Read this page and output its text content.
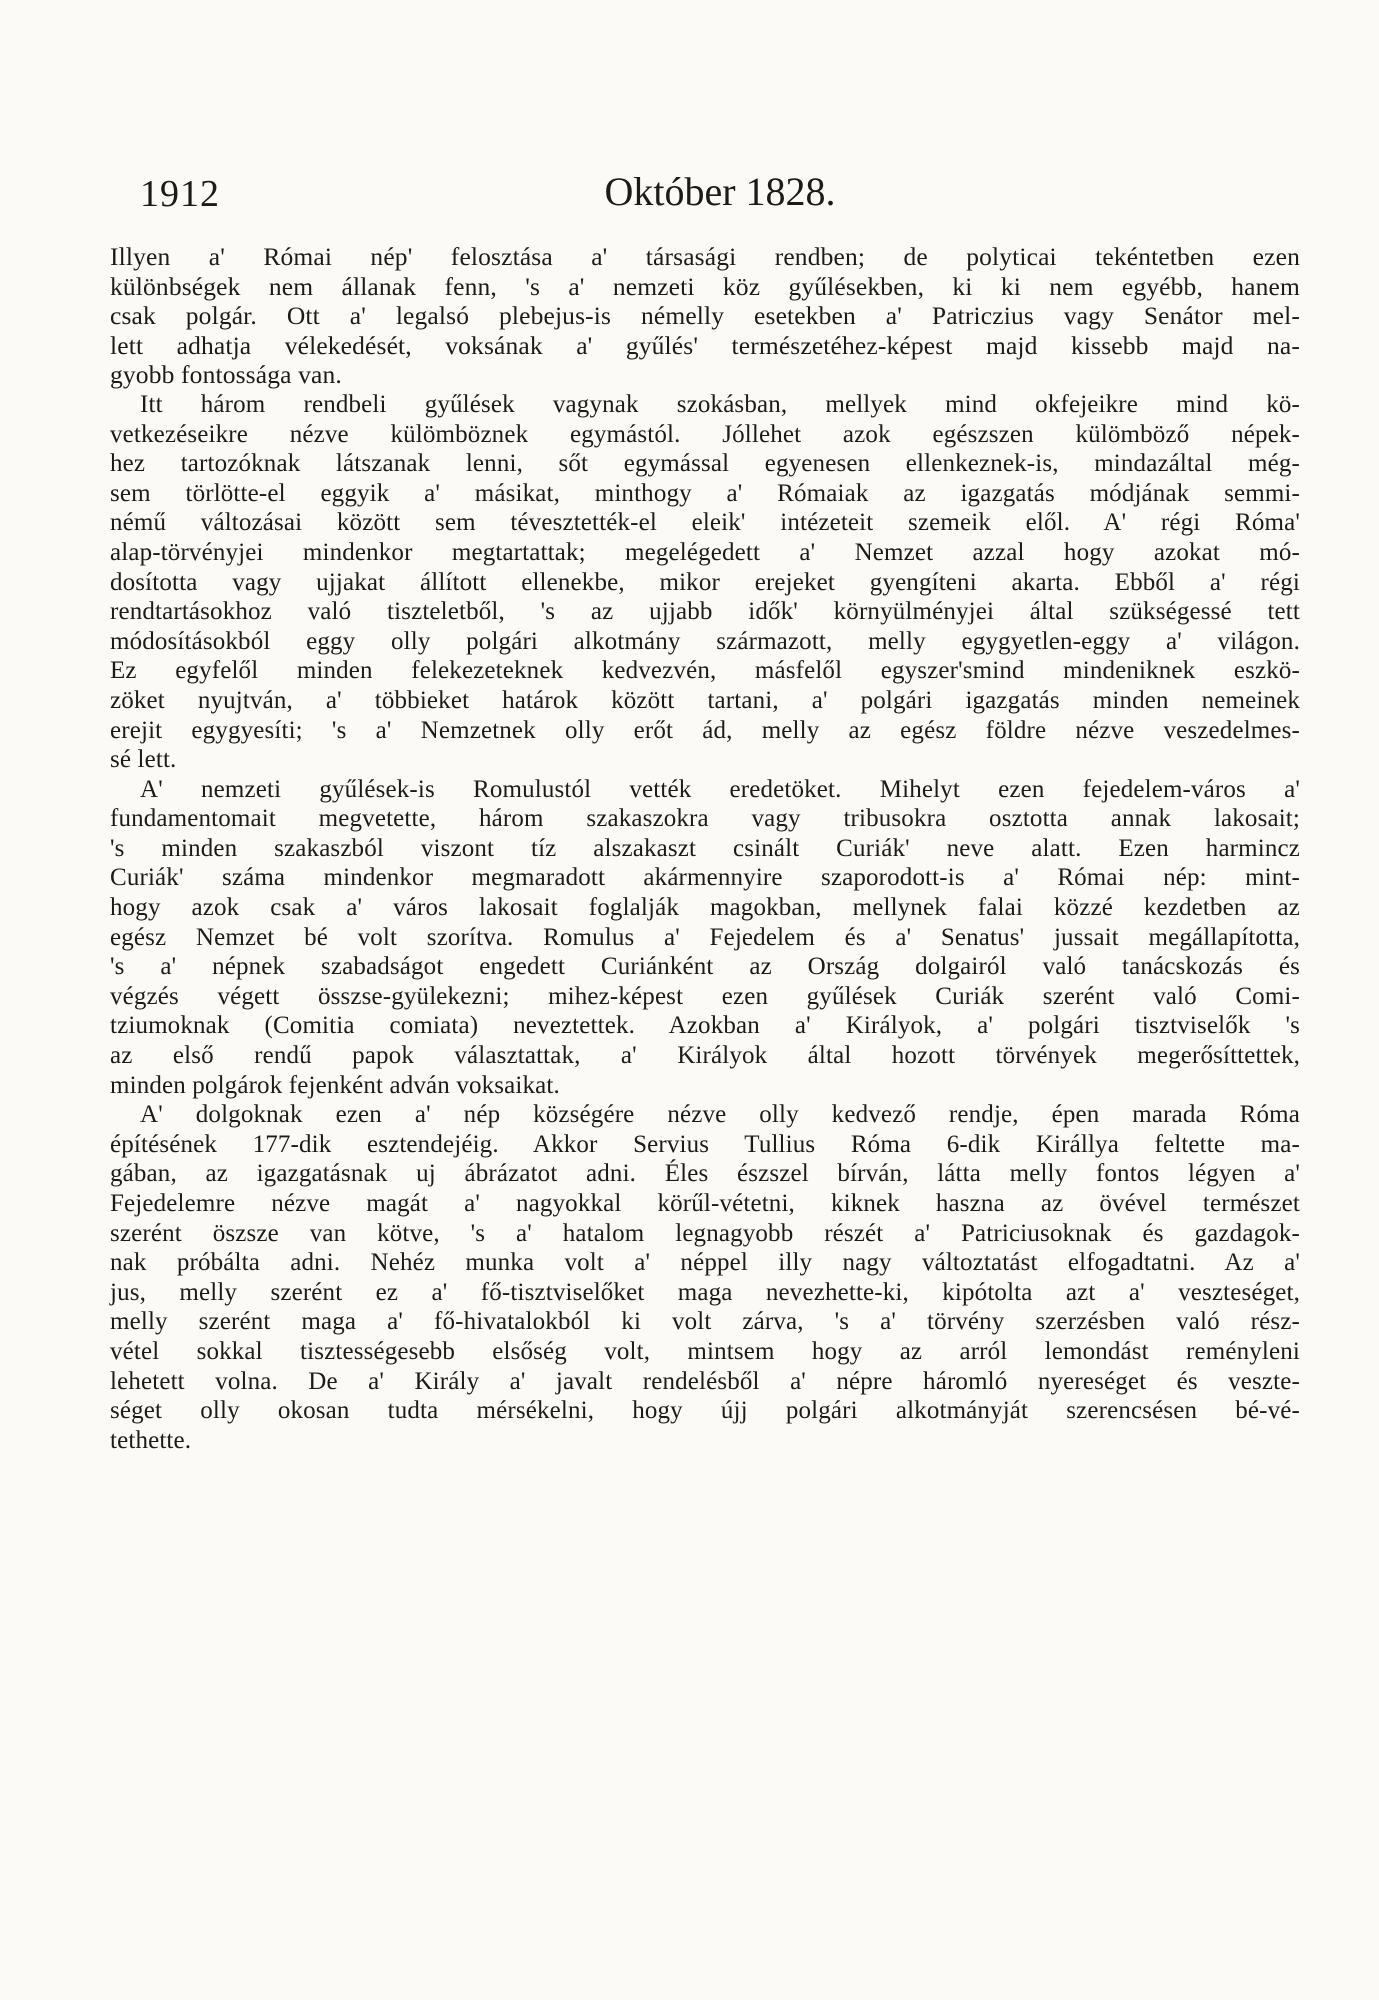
1912	Október 1828.
Illyen a' Római nép' felosztása a' társasági rendben; de polyticai tekéntetben ezen
különbségek nem állanak fenn, 's a' nemzeti köz gyűlésekben, ki ki nem egyébb, hanem
csak polgár. Ott a' legalsó plebejus-is némelly esetekben a' Patriczius vagy Senátor mel-
lett adhatja vélekedését, voksának a' gyűlés' természetéhez-képest majd kissebb majd na-
gyobb fontossága van.
Itt három rendbeli gyűlések vagynak szokásban, mellyek mind okfejeikre mind kö-
vetkezéseikre nézve külömböznek egymástól. Jóllehet azok egészszen külömböző népek-
hez tartozóknak látszanak lenni, sőt egymással egyenesen ellenkeznek-is, mindazáltal még-
sem törlötte-el eggyik a' másikat, minthogy a' Rómaiak az igazgatás módjának semmi-
némű változásai között sem tévesztették-el eleik' intézeteit szemeik elől. A' régi Róma'
alap-törvényjei mindenkor megtartattak; megelégedett a' Nemzet azzal hogy azokat mó-
dosította vagy ujjakat állított ellenekbe, mikor erejeket gyengíteni akarta. Ebből a' régi
rendtartásokhoz való tiszteletből, 's az ujjabb idők' környülményjei által szükségessé tett
módosításokból eggy olly polgári alkotmány származott, melly egygyetlen-eggy a' világon.
Ez egyfelől minden felekezeteknek kedvezvén, másfelől egyszer'smind mindeniknek eszkö-
zöket nyujtván, a' többieket határok között tartani, a' polgári igazgatás minden nemeinek
erejit egygyesíti; 's a' Nemzetnek olly erőt ád, melly az egész földre nézve veszedelmes-
sé lett.
A' nemzeti gyűlések-is Romulustól vették eredetöket. Mihelyt ezen fejedelem-város a'
fundamentomait megvetette, három szakaszokra vagy tribusokra osztotta annak lakosait;
's minden szakaszból viszont tíz alszakaszt csinált Curiák' neve alatt. Ezen harmincz
Curiák' száma mindenkor megmaradott akármennyire szaporodott-is a' Római nép: mint-
hogy azok csak a' város lakosait foglalják magokban, mellynek falai közzé kezdetben az
egész Nemzet bé volt szorítva. Romulus a' Fejedelem és a' Senatus' jussait megállapította,
's a' népnek szabadságot engedett Curiánként az Ország dolgairól való tanácskozás és
végzés végett összse-gyülekezni; mihez-képest ezen gyűlések Curiák szerént való Comi-
tziumoknak (Comitia comiata) neveztettek. Azokban a' Királyok, a' polgári tisztviselők 's
az első rendű papok választattak, a' Királyok által hozott törvények megerősíttettek,
minden polgárok fejenként adván voksaikat.
A' dolgoknak ezen a' nép községére nézve olly kedvező rendje, épen marada Róma
építésének 177-dik esztendejéig. Akkor Servius Tullius Róma 6-dik Királlya feltette ma-
gában, az igazgatásnak uj ábrázatot adni. Éles észszel bírván, látta melly fontos légyen a'
Fejedelemre nézve magát a' nagyokkal körűl-vétetni, kiknek haszna az övével természet
szerént öszsze van kötve, 's a' hatalom legnagyobb részét a' Patriciusoknak és gazdagok-
nak próbálta adni. Nehéz munka volt a' néppel illy nagy változtatást elfogadtatni. Az a'
jus, melly szerént ez a' fő-tisztviselőket maga nevezhette-ki, kipótolta azt a' veszteséget,
melly szerént maga a' fő-hivatalokból ki volt zárva, 's a' törvény szerzésben való rész-
vétel sokkal tisztességesebb elsőség volt, mintsem hogy az arról lemondást reményleni
lehetett volna. De a' Király a' javalt rendelésből a' népre háromló nyereséget és veszte-
séget olly okosan tudta mérsékelni, hogy újj polgári alkotmányját szerencsésen bé-vé-
tethette.
